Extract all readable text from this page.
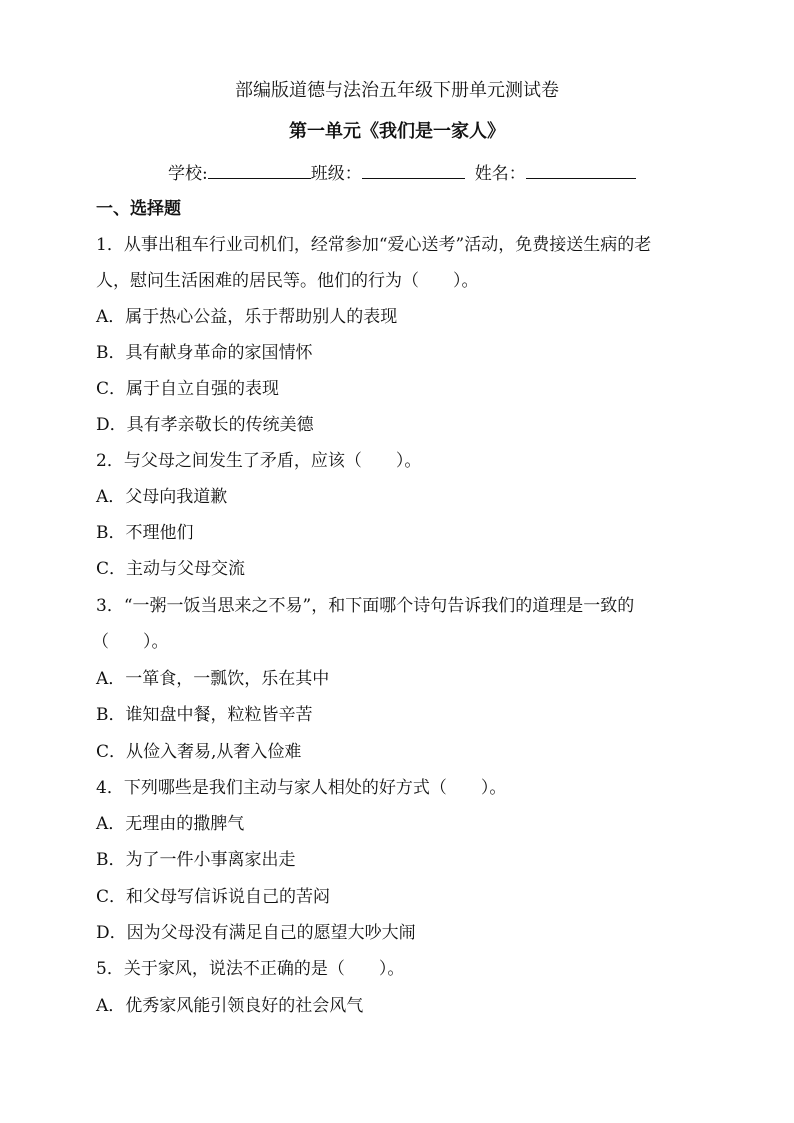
部编版道德与法治五年级下册单元测试卷
第一单元《我们是一家人》
学校:	班级：	姓名：
一、选择题
1．从事出租车行业司机们，经常参加“爱心送考”活动，免费接送生病的老
人，慰问生活困难的居民等。他们的行为（　　）。
A．属于热心公益，乐于帮助别人的表现
B．具有献身革命的家国情怀
C．属于自立自强的表现
D．具有孝亲敬长的传统美德
2．与父母之间发生了矛盾，应该（　　）。
A．父母向我道歉
B．不理他们
C．主动与父母交流
3．“一粥一饭当思来之不易”，和下面哪个诗句告诉我们的道理是一致的
（　　）。
A．一箪食，一瓢饮，乐在其中
B．谁知盘中餐，粒粒皆辛苦
C．从俭入奢易,从奢入俭难
4．下列哪些是我们主动与家人相处的好方式（　　）。
A．无理由的撒脾气
B．为了一件小事离家出走
C．和父母写信诉说自己的苦闷
D．因为父母没有满足自己的愿望大吵大闹
5．关于家风，说法不正确的是（　　）。
A．优秀家风能引领良好的社会风气
